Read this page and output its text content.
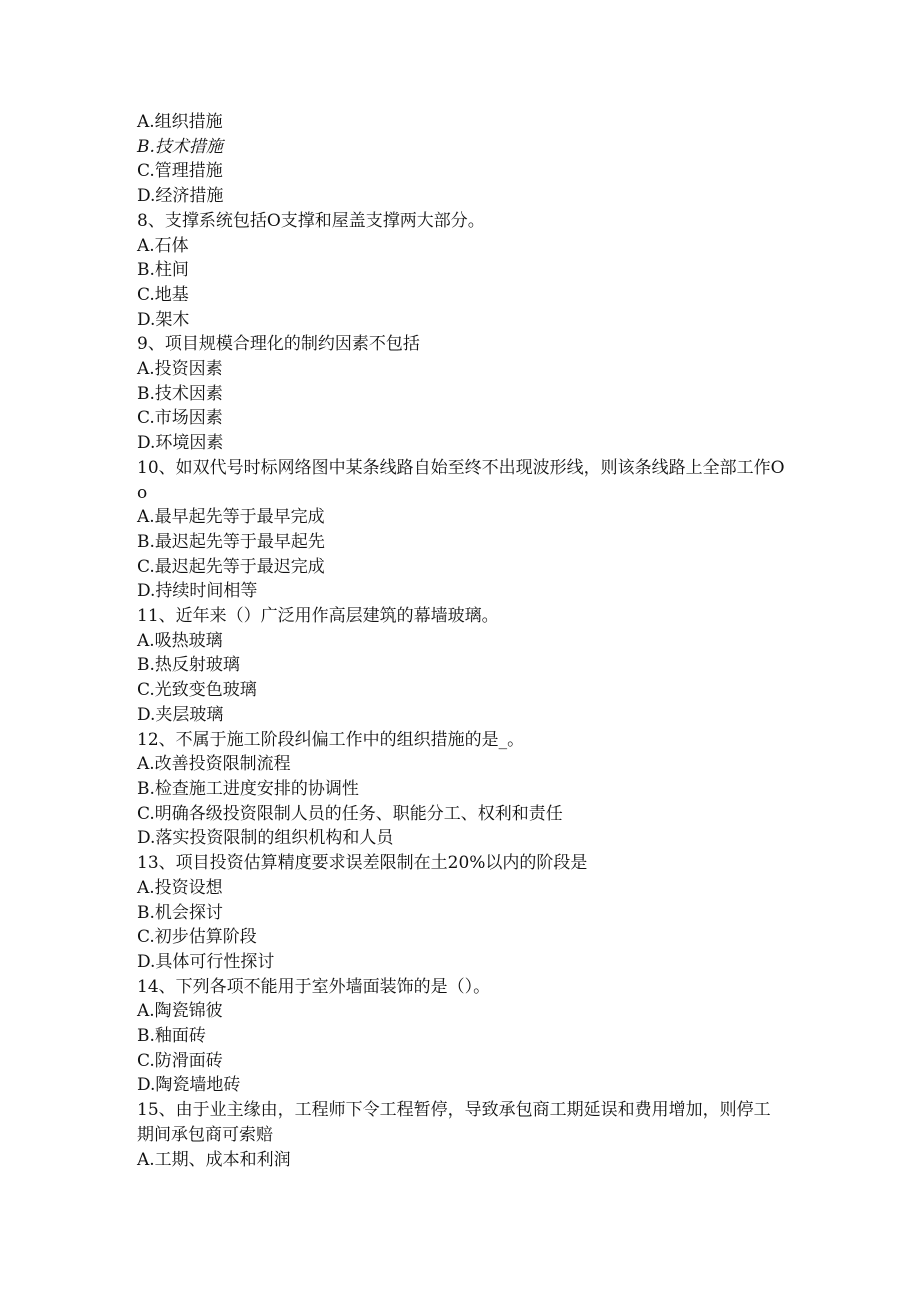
A.组织措施
B.技术措施
C.管理措施
D.经济措施
8、支撑系统包括O支撑和屋盖支撑两大部分。
A.石体
B.柱间
C.地基
D.架木
9、项目规模合理化的制约因素不包括
A.投资因素
B.技术因素
C.市场因素
D.环境因素
10、如双代号时标网络图中某条线路自始至终不出现波形线，则该条线路上全部工作Oo
A.最早起先等于最早完成
B.最迟起先等于最早起先
C.最迟起先等于最迟完成
D.持续时间相等
11、近年来（）广泛用作高层建筑的幕墙玻璃。
A.吸热玻璃
B.热反射玻璃
C.光致变色玻璃
D.夹层玻璃
12、不属于施工阶段纠偏工作中的组织措施的是_。
A.改善投资限制流程
B.检查施工进度安排的协调性
C.明确各级投资限制人员的任务、职能分工、权利和责任
D.落实投资限制的组织机构和人员
13、项目投资估算精度要求误差限制在土20%以内的阶段是
A.投资设想
B.机会探讨
C.初步估算阶段
D.具体可行性探讨
14、下列各项不能用于室外墙面装饰的是（）。
A.陶瓷锦彼
B.釉面砖
C.防滑面砖
D.陶瓷墙地砖
15、由于业主缘由，工程师下令工程暂停，导致承包商工期延误和费用增加，则停工期间承包商可索赔
A.工期、成本和利润
